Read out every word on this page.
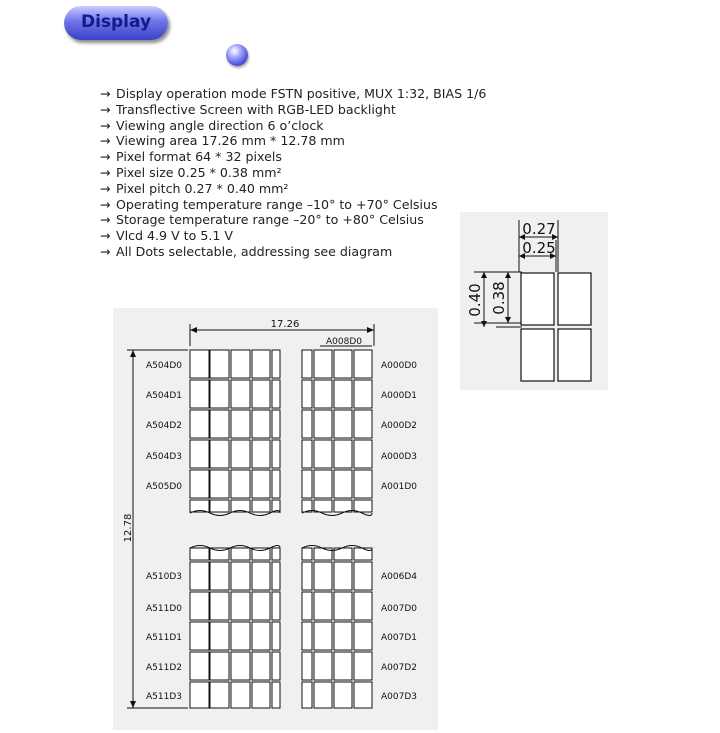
Display
→ Display operation mode FSTN positive, MUX 1:32, BIAS 1/6
→ Transflective Screen with RGB-LED backlight
→ Viewing angle direction 6 o’clock
→ Viewing area 17.26 mm * 12.78 mm
→ Pixel format 64 * 32 pixels
→ Pixel size 0.25 * 0.38 mm²
→ Pixel pitch 0.27 * 0.40 mm²
→ Operating temperature range –10° to +70° Celsius
→ Storage temperature range –20° to +80° Celsius
→ Vlcd 4.9 V to 5.1 V
→ All Dots selectable, addressing see diagram
0.27
0.25
0.40 0.38
17.26
12.78
A008D0
A504D0
A504D1
A504D2
A504D3
A505D0
A000D0
A000D1
A000D2
A000D3
A001D0
A510D3
A511D0
A511D1
A511D2
A511D3
A006D4
A007D0
A007D1
A007D2
A007D3
